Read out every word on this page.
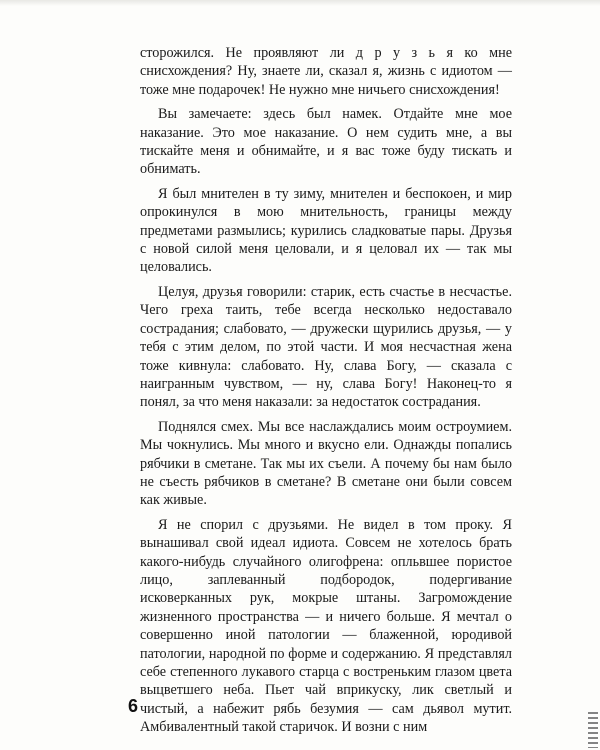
сторожился. Не проявляют ли д р у з ь я ко мне снисхождения? Ну, знаете ли, сказал я, жизнь с идиотом — тоже мне подарочек! Не нужно мне ничьего снисхождения!

Вы замечаете: здесь был намек. Отдайте мне мое наказание. Это мое наказание. О нем судить мне, а вы тискайте меня и обнимайте, и я вас тоже буду тискать и обнимать.

Я был мнителен в ту зиму, мнителен и беспокоен, и мир опрокинулся в мою мнительность, границы между предметами размылись; курились сладковатые пары. Друзья с новой силой меня целовали, и я целовал их — так мы целовались.

Целуя, друзья говорили: старик, есть счастье в несчастье. Чего греха таить, тебе всегда несколько недоставало сострадания; слабовато, — дружески щурились друзья, — у тебя с этим делом, по этой части. И моя несчастная жена тоже кивнула: слабовато. Ну, слава Богу, — сказала с наигранным чувством, — ну, слава Богу! Наконец-то я понял, за что меня наказали: за недостаток сострадания.

Поднялся смех. Мы все наслаждались моим остроумием. Мы чокнулись. Мы много и вкусно ели. Однажды попались рябчики в сметане. Так мы их съели. А почему бы нам было не съесть рябчиков в сметане? В сметане они были совсем как живые.

Я не спорил с друзьями. Не видел в том проку. Я вынашивал свой идеал идиота. Совсем не хотелось брать какого-нибудь случайного олигофрена: опльвшее пористое лицо, заплеванный подбородок, подергивание исковерканных рук, мокрые штаны. Загромождение жизненного пространства — и ничего больше. Я мечтал о совершенно иной патологии — блаженной, юродивой патологии, народной по форме и содержанию. Я представлял себе степенного лукавого старца с востреньким глазом цвета выцветшего неба. Пьет чай вприкуску, лик светлый и чистый, а набежит рябь безумия — сам дьявол мутит. Амбивалентный такой старичок. И возни с ним

6
